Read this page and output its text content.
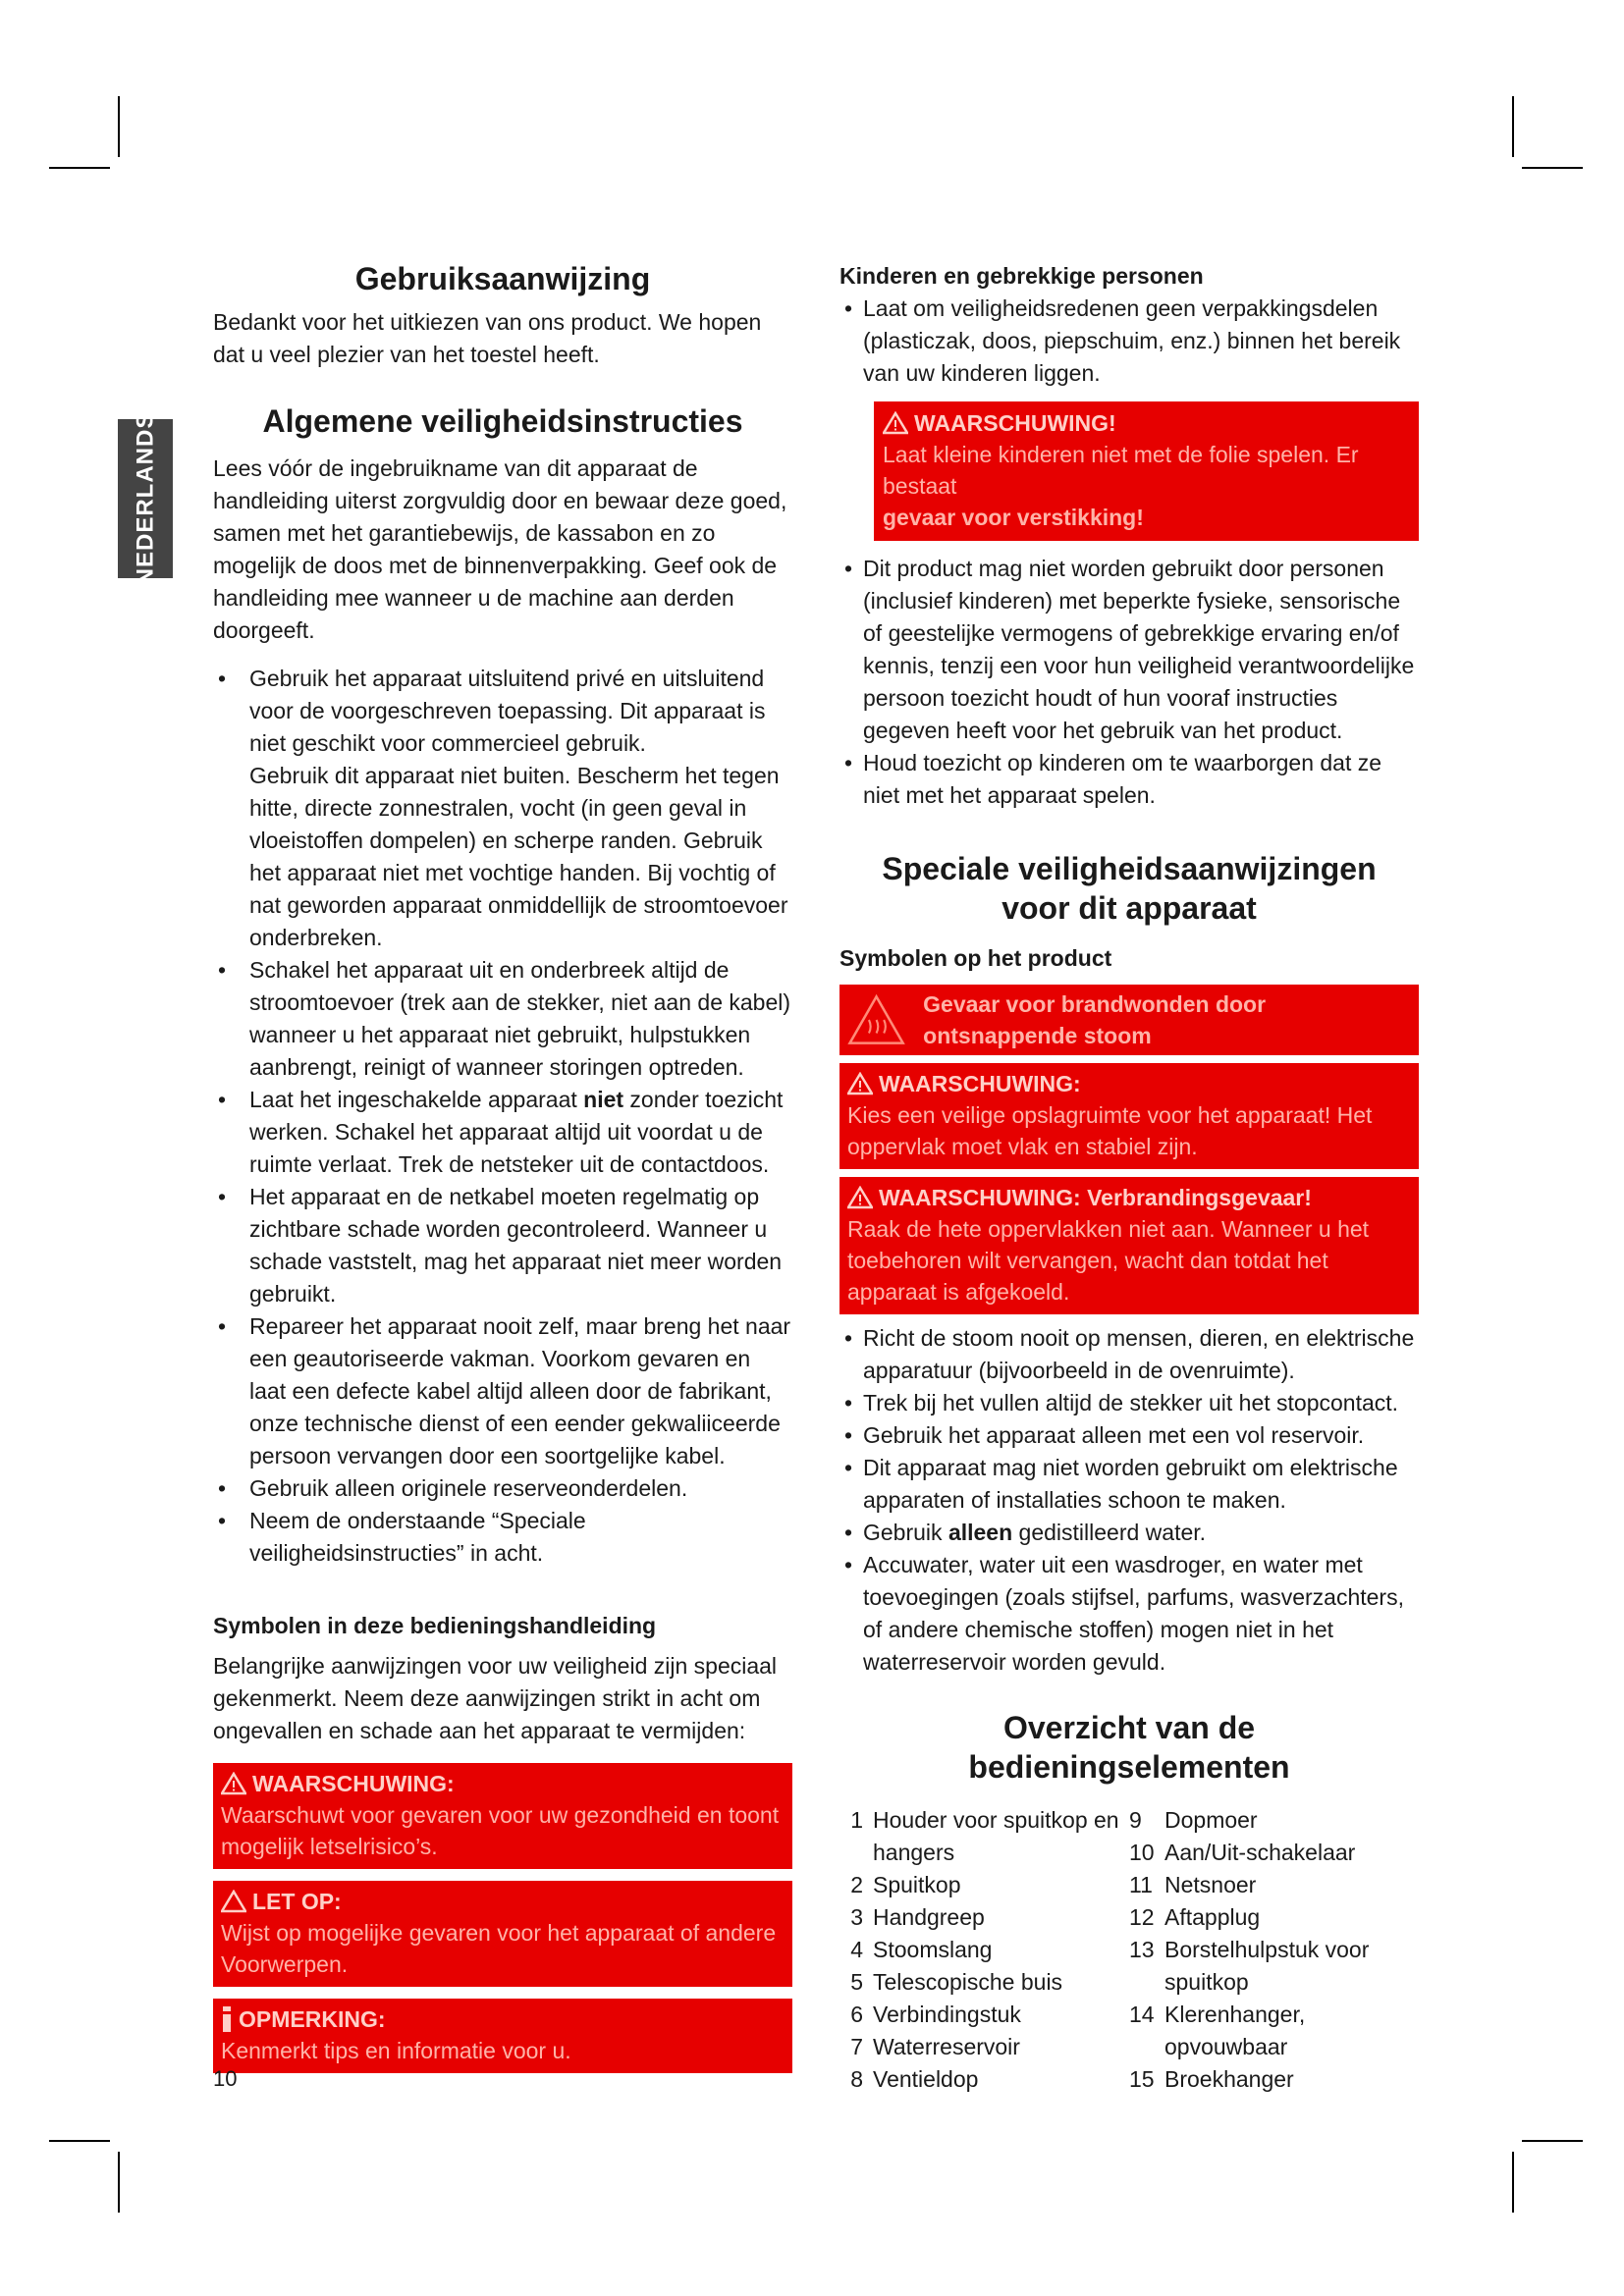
NEDERLANDS
Gebruiksaanwijzing

Bedankt voor het uitkiezen van ons product. We hopen dat u veel plezier van het toestel heeft.

Algemene veiligheidsinstructies

Lees vóór de ingebruikname van dit apparaat de handleiding uiterst zorgvuldig door en bewaar deze goed, samen met het garantiebewijs, de kassabon en zo mogelijk de doos met de binnenverpakking. Geef ook de handleiding mee wanneer u de machine aan derden doorgeeft.

• Gebruik het apparaat uitsluitend privé en uitsluitend voor de voorgeschreven toepassing. Dit apparaat is niet geschikt voor commercieel gebruik.
Gebruik dit apparaat niet buiten. Bescherm het tegen hitte, directe zonnestralen, vocht (in geen geval in vloeistoffen dompelen) en scherpe randen. Gebruik het apparaat niet met vochtige handen. Bij vochtig of nat geworden apparaat onmiddellijk de stroomtoevoer onderbreken.
• Schakel het apparaat uit en onderbreek altijd de stroomtoevoer (trek aan de stekker, niet aan de kabel) wanneer u het apparaat niet gebruikt, hulpstukken aanbrengt, reinigt of wanneer storingen optreden.
• Laat het ingeschakelde apparaat niet zonder toezicht werken. Schakel het apparaat altijd uit voordat u de ruimte verlaat. Trek de netsteker uit de contactdoos.
• Het apparaat en de netkabel moeten regelmatig op zichtbare schade worden gecontroleerd. Wanneer u schade vaststelt, mag het apparaat niet meer worden gebruikt.
• Repareer het apparaat nooit zelf, maar breng het naar een geautoriseerde vakman. Voorkom gevaren en laat een defecte kabel altijd alleen door de fabrikant, onze technische dienst of een eender gekwaliiceerde persoon vervangen door een soortgelijke kabel.
• Gebruik alleen originele reserveonderdelen.
• Neem de onderstaande “Speciale veiligheidsinstructies” in acht.
Symbolen in deze bedieningshandleiding

Belangrijke aanwijzingen voor uw veiligheid zijn speciaal gekenmerkt. Neem deze aanwijzingen strikt in acht om ongevallen en schade aan het apparaat te vermijden:

WAARSCHUWING:
Waarschuwt voor gevaren voor uw gezondheid en toont mogelijk letselrisico’s.
LET OP:
Wijst op mogelijke gevaren voor het apparaat of andere Voorwerpen.
OPMERKING:
Kenmerkt tips en informatie voor u.
Kinderen en gebrekkige personen
• Laat om veiligheidsredenen geen verpakkingsdelen (plasticzak, doos, piepschuim, enz.) binnen het bereik van uw kinderen liggen.
WAARSCHUWING!
Laat kleine kinderen niet met de folie spelen. Er bestaat
gevaar voor verstikking!
• Dit product mag niet worden gebruikt door personen (inclusief kinderen) met beperkte fysieke, sensorische of geestelijke vermogens of gebrekkige ervaring en/of kennis, tenzij een voor hun veiligheid verantwoordelijke persoon toezicht houdt of hun vooraf instructies gegeven heeft voor het gebruik van het product.
• Houd toezicht op kinderen om te waarborgen dat ze niet met het apparaat spelen.
Speciale veiligheidsaanwijzingen
voor dit apparaat
Symbolen op het product
Gevaar voor brandwonden door ontsnappende stoom
WAARSCHUWING:
Kies een veilige opslagruimte voor het apparaat! Het oppervlak moet vlak en stabiel zijn.
WAARSCHUWING: Verbrandingsgevaar!
Raak de hete oppervlakken niet aan. Wanneer u het toebehoren wilt vervangen, wacht dan totdat het apparaat is afgekoeld.
• Richt de stoom nooit op mensen, dieren, en elektrische apparatuur (bijvoorbeeld in de ovenruimte).
• Trek bij het vullen altijd de stekker uit het stopcontact.
• Gebruik het apparaat alleen met een vol reservoir.
• Dit apparaat mag niet worden gebruikt om elektrische apparaten of installaties schoon te maken.
• Gebruik alleen gedistilleerd water.
• Accuwater, water uit een wasdroger, en water met toevoegingen (zoals stijfsel, parfums, wasverzachters, of andere chemische stoffen) mogen niet in het waterreservoir worden gevuld.
Overzicht van de bedieningselementen
1 Houder voor spuitkop en hangers
2 Spuitkop
3 Handgreep
4 Stoomslang
5 Telescopische buis
6 Verbindingstuk
7 Waterreservoir
8 Ventieldop
9	Dopmoer
10 Aan/Uit-schakelaar
11 Netsnoer
12 Aftapplug
13 Borstelhulpstuk voor spuitkop
14 Klerenhanger, opvouwbaar
15 Broekhanger
10
